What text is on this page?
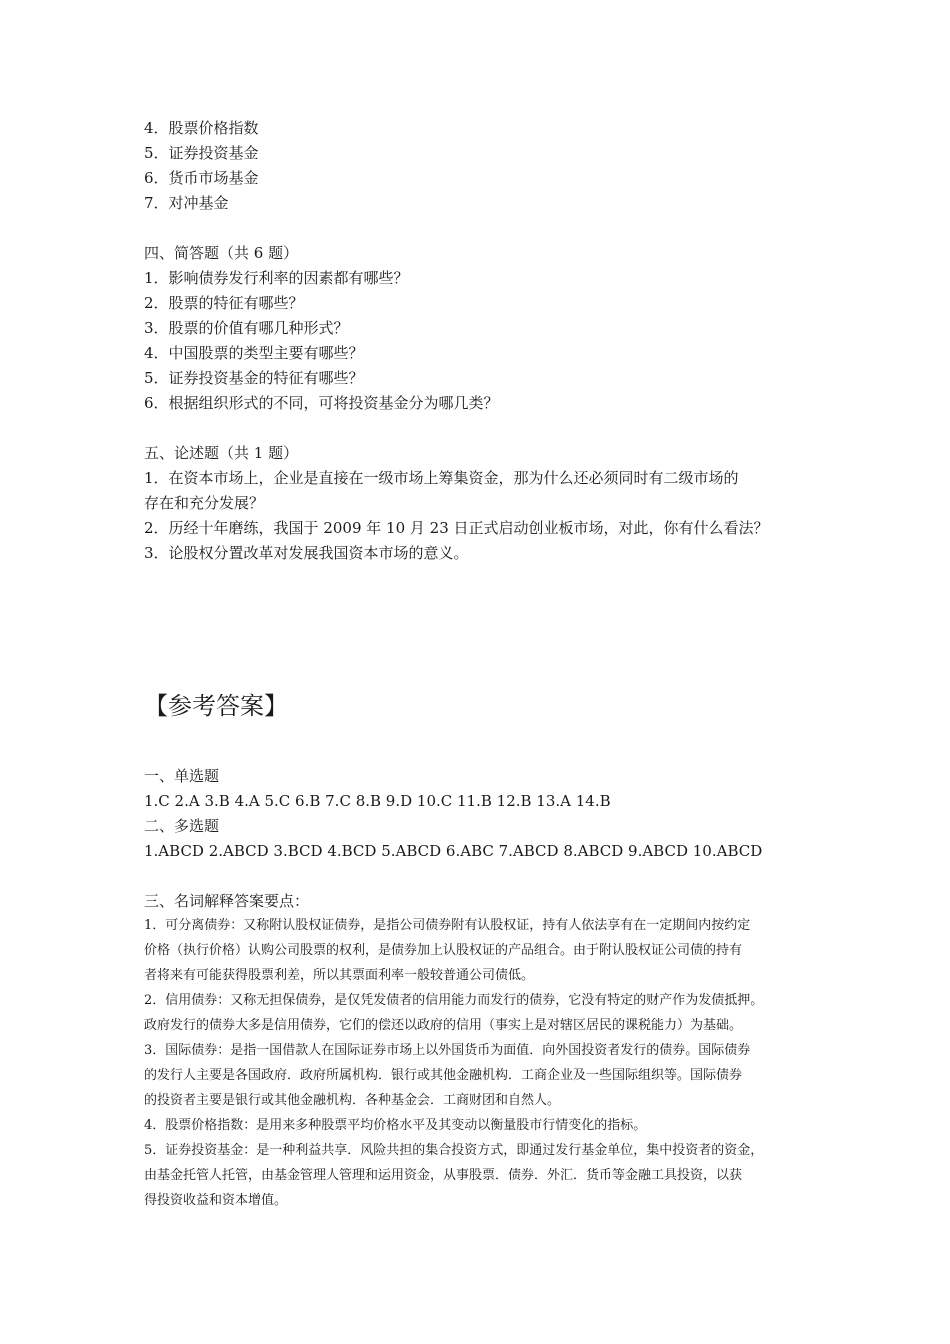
4．股票价格指数
5．证券投资基金
6．货币市场基金
7．对冲基金
四、简答题（共 6 题）
1．影响债券发行利率的因素都有哪些？
2．股票的特征有哪些？
3．股票的价值有哪几种形式？
4．中国股票的类型主要有哪些？
5．证券投资基金的特征有哪些？
6．根据组织形式的不同，可将投资基金分为哪几类？
五、论述题（共 1 题）
1．在资本市场上，企业是直接在一级市场上筹集资金，那为什么还必须同时有二级市场的
存在和充分发展？
2．历经十年磨练，我国于 2009 年 10 月 23 日正式启动创业板市场，对此，你有什么看法？
3．论股权分置改革对发展我国资本市场的意义。
【参考答案】
一、单选题
1.C 2.A 3.B 4.A 5.C 6.B 7.C 8.B 9.D 10.C 11.B 12.B 13.A 14.B
二、多选题
1.ABCD 2.ABCD 3.BCD 4.BCD 5.ABCD 6.ABC 7.ABCD 8.ABCD 9.ABCD 10.ABCD
三、名词解释答案要点：
1．可分离债券：又称附认股权证债券，是指公司债券附有认股权证，持有人依法享有在一定期间内按约定
价格（执行价格）认购公司股票的权利，是债券加上认股权证的产品组合。由于附认股权证公司债的持有
者将来有可能获得股票利差，所以其票面利率一般较普通公司债低。
2．信用债券：又称无担保债券，是仅凭发债者的信用能力而发行的债券，它没有特定的财产作为发债抵押。
政府发行的债券大多是信用债券，它们的偿还以政府的信用（事实上是对辖区居民的课税能力）为基础。
3．国际债券：是指一国借款人在国际证券市场上以外国货币为面值．向外国投资者发行的债券。国际债券
的发行人主要是各国政府．政府所属机构．银行或其他金融机构．工商企业及一些国际组织等。国际债券
的投资者主要是银行或其他金融机构．各种基金会．工商财团和自然人。
4．股票价格指数：是用来多种股票平均价格水平及其变动以衡量股市行情变化的指标。
5．证券投资基金：是一种利益共享．风险共担的集合投资方式，即通过发行基金单位，集中投资者的资金，
由基金托管人托管，由基金管理人管理和运用资金，从事股票．债券．外汇．货币等金融工具投资，以获
得投资收益和资本增值。
